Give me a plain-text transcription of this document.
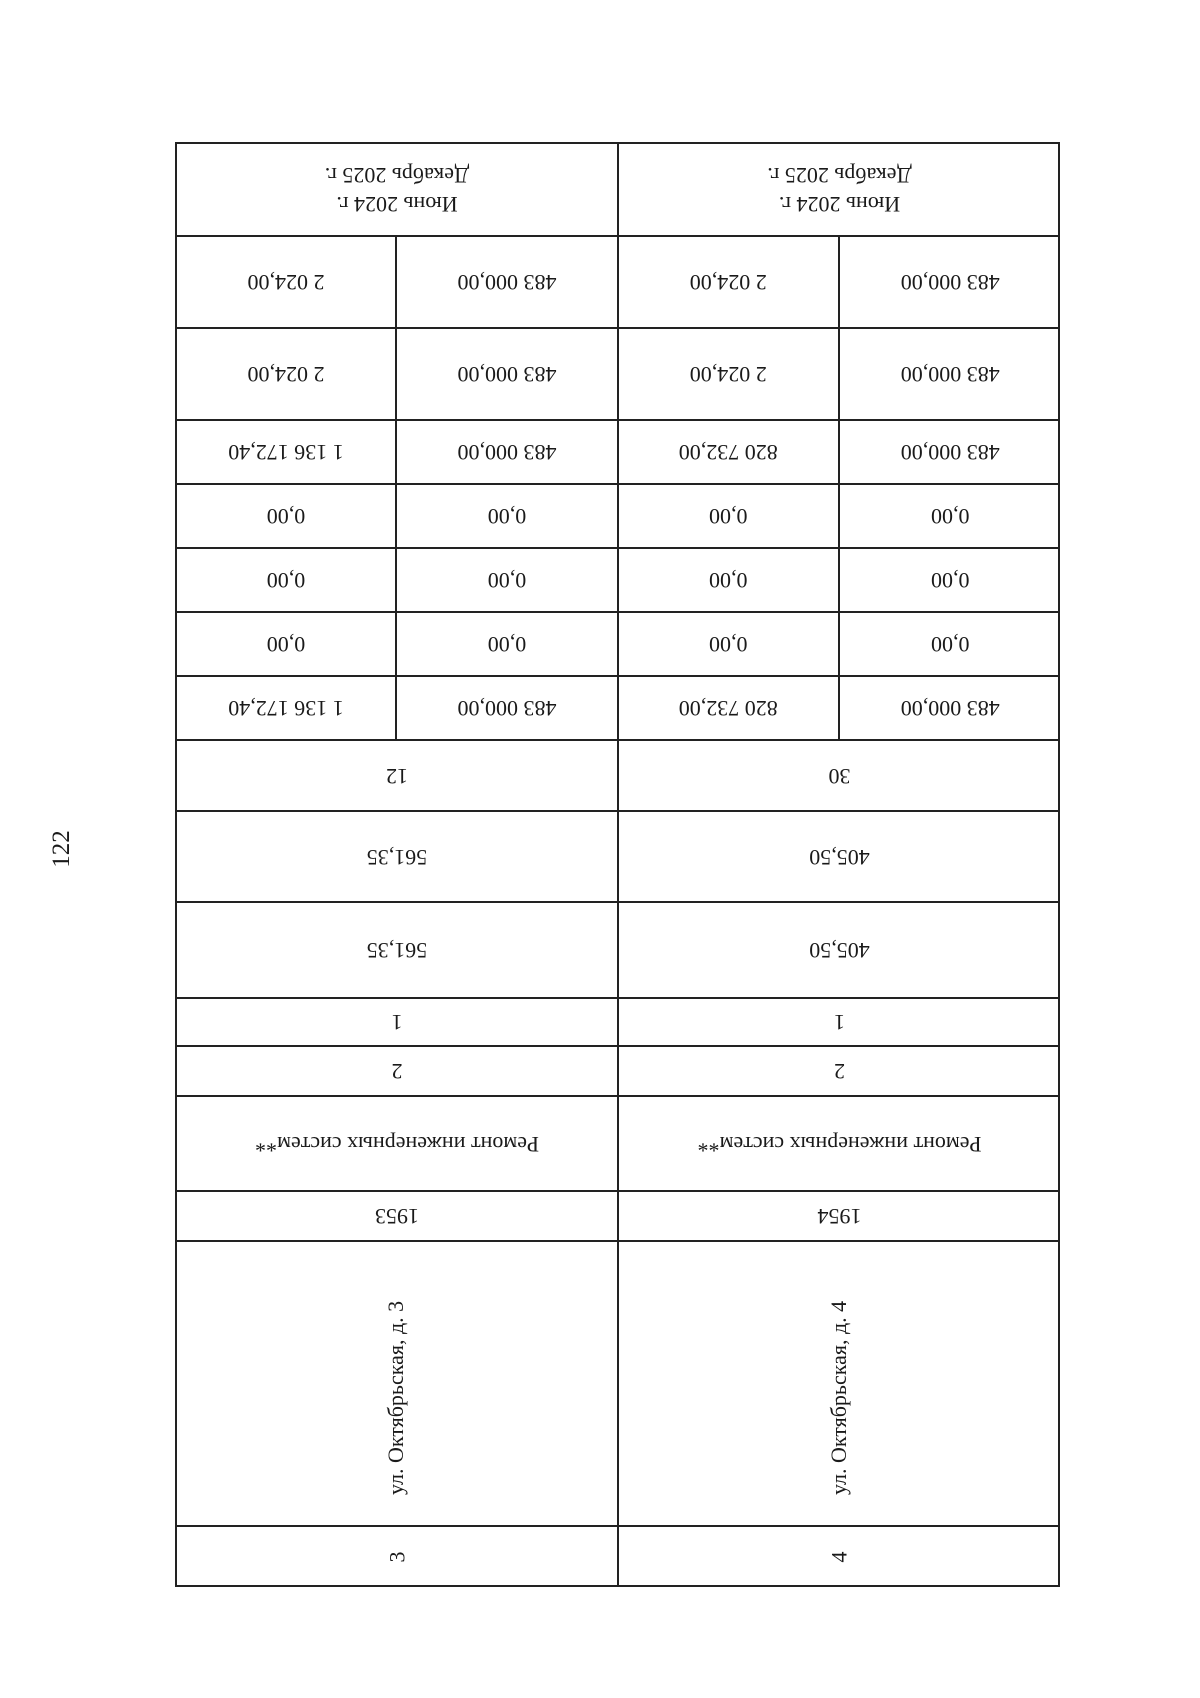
122
Июнь 2024 г.
Декабрь 2025 г.
2 024,00	483 000,00
2 024,00	483 000,00
1 136 172,40	483 000,00
0,00	0,00
0,00	0,00
0,00	0,00
1 136 172,40	483 000,00
12
561,35
561,35
1
2
Ремонт инженерных систем**
1953
ул. Октябрьская, д. 3
3
Июнь 2024 г.
Декабрь 2025 г.
2 024,00	483 000,00
2 024,00	483 000,00
820 732,00	483 000,00
0,00	0,00
0,00	0,00
0,00	0,00
820 732,00	483 000,00
30
405,50
405,50
1
2
Ремонт инженерных систем**
1954
ул. Октябрьская, д. 4
4
